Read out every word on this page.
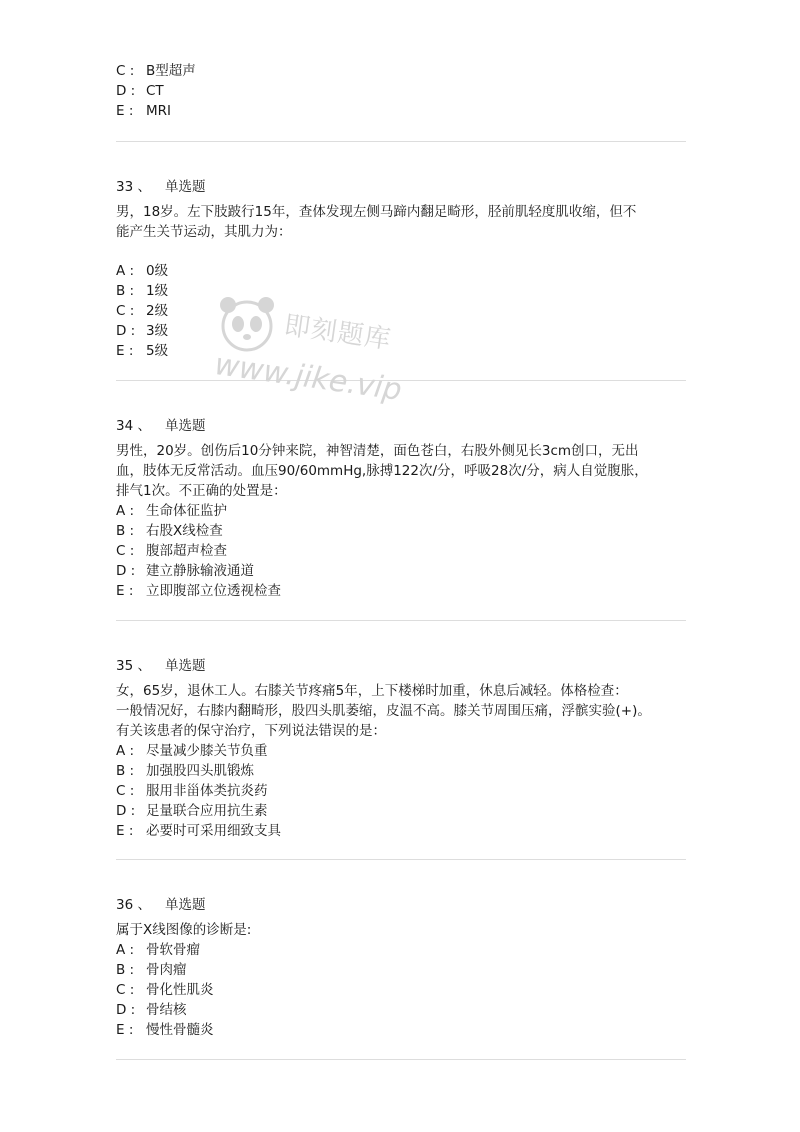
C : B型超声
D : CT
E : MRI
33 、 单选题
男，18岁。左下肢跛行15年，查体发现左侧马蹄内翻足畸形，胫前肌轻度肌收缩，但不
能产生关节运动，其肌力为：
A : 0级
B : 1级
C : 2级
D : 3级
E : 5级
34 、 单选题
男性，20岁。创伤后10分钟来院，神智清楚，面色苍白，右股外侧见长3cm创口，无出
血，肢体无反常活动。血压90/60mmHg,脉搏122次/分，呼吸28次/分，病人自觉腹胀，
排气1次。不正确的处置是：
A : 生命体征监护
B : 右股X线检查
C : 腹部超声检查
D : 建立静脉输液通道
E : 立即腹部立位透视检查
35 、 单选题
女，65岁，退休工人。右膝关节疼痛5年，上下楼梯时加重，休息后减轻。体格检查：
一般情况好，右膝内翻畸形，股四头肌萎缩，皮温不高。膝关节周围压痛，浮髌实验(+)。
有关该患者的保守治疗，下列说法错误的是：
A : 尽量减少膝关节负重
B : 加强股四头肌锻炼
C : 服用非甾体类抗炎药
D : 足量联合应用抗生素
E : 必要时可采用细致支具
36 、 单选题
属于X线图像的诊断是:
A : 骨软骨瘤
B : 骨肉瘤
C : 骨化性肌炎
D : 骨结核
E : 慢性骨髓炎
即刻题库
www.jike.vip
